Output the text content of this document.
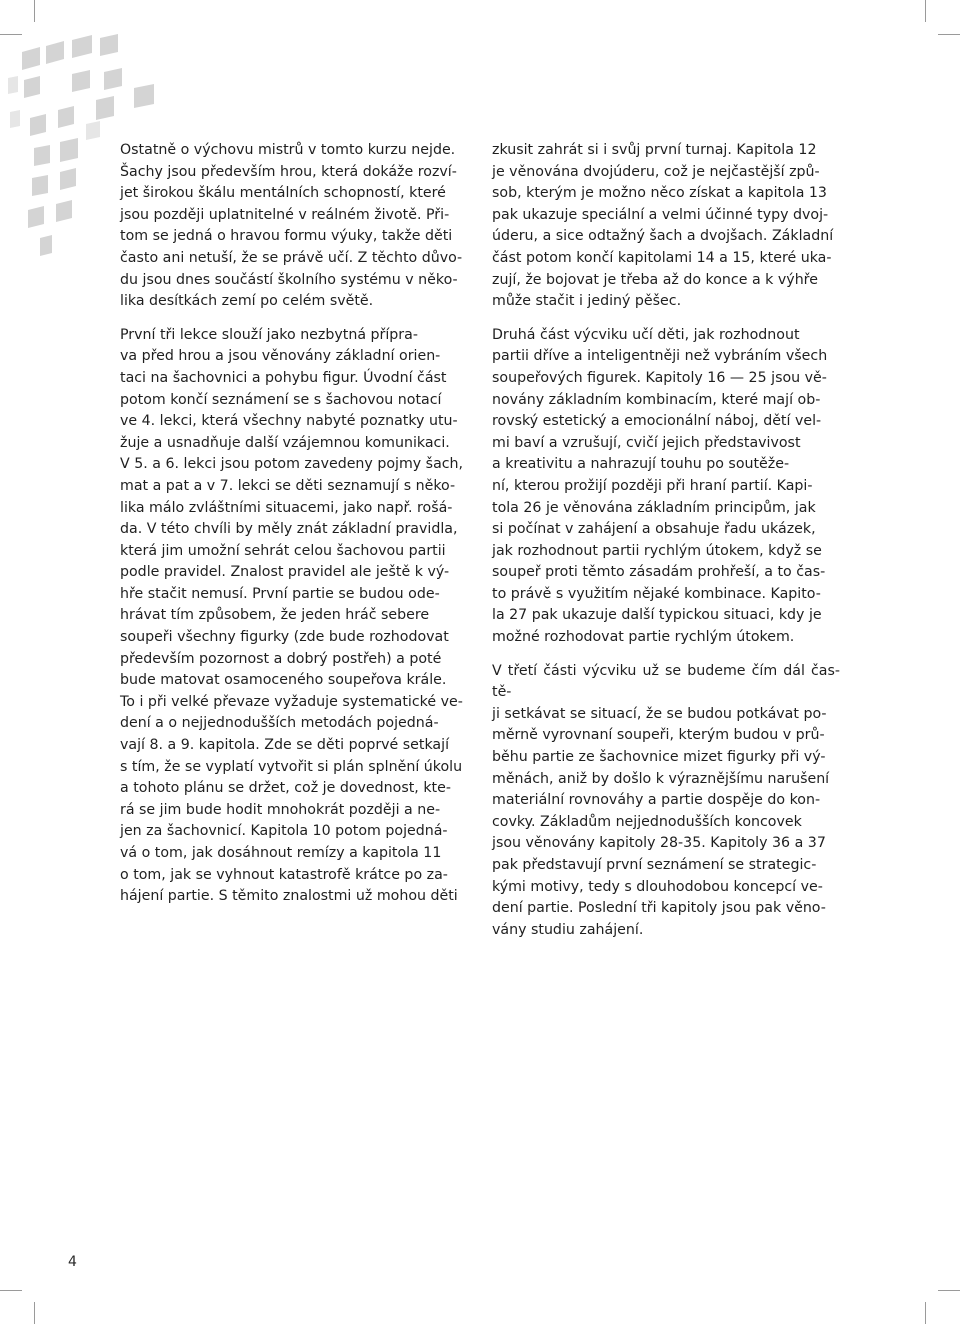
Ostatně o výchovu mistrů v tomto kurzu nejde.
Šachy jsou především hrou, která dokáže rozví-
jet širokou škálu mentálních schopností, které
jsou později uplatnitelné v reálném životě. Při-
tom se jedná o hravou formu výuky, takže děti
často ani netuší, že se právě učí. Z těchto důvo-
du jsou dnes součástí školního systému v něko-
lika desítkách zemí po celém světě.

První tři lekce slouží jako nezbytná přípra-
va před hrou a jsou věnovány základní orien-
taci na šachovnici a pohybu figur. Úvodní část
potom končí seznámení se s šachovou notací
ve 4. lekci, která všechny nabyté poznatky utu-
žuje a usnadňuje další vzájemnou komunikaci.
V 5. a 6. lekci jsou potom zavedeny pojmy šach,
mat a pat a v 7. lekci se děti seznamují s něko-
lika málo zvláštními situacemi, jako např. rošá-
da. V této chvíli by měly znát základní pravidla,
která jim umožní sehrát celou šachovou partii
podle pravidel. Znalost pravidel ale ještě k vý-
hře stačit nemusí. První partie se budou ode-
hrávat tím způsobem, že jeden hráč sebere
soupeři všechny figurky (zde bude rozhodovat
především pozornost a dobrý postřeh) a poté
bude matovat osamoceného soupeřova krále.
To i při velké převaze vyžaduje systematické ve-
dení a o nejjednodušších metodách pojedná-
vají 8. a 9. kapitola. Zde se děti poprvé setkají
s tím, že se vyplatí vytvořit si plán splnění úkolu
a tohoto plánu se držet, což je dovednost, kte-
rá se jim bude hodit mnohokrát později a ne-
jen za šachovnicí. Kapitola 10 potom pojedná-
vá o tom, jak dosáhnout remízy a kapitola 11
o tom, jak se vyhnout katastrofě krátce po za-
hájení partie. S těmito znalostmi už mohou děti

zkusit zahrát si i svůj první turnaj. Kapitola 12
je věnována dvojúderu, což je nejčastější způ-
sob, kterým je možno něco získat a kapitola 13
pak ukazuje speciální a velmi účinné typy dvoj-
úderu, a sice odtažný šach a dvojšach. Základní
část potom končí kapitolami 14 a 15, které uka-
zují, že bojovat je třeba až do konce a k výhře
může stačit i jediný pěšec.

Druhá část výcviku učí děti, jak rozhodnout
partii dříve a inteligentněji než vybráním všech
soupeřových figurek. Kapitoly 16 — 25 jsou vě-
novány základním kombinacím, které mají ob-
rovský estetický a emocionální náboj, dětí vel-
mi baví a vzrušují, cvičí jejich představivost
a kreativitu a nahrazují touhu po soutěže-
ní, kterou prožijí později při hraní partií. Kapi-
tola 26 je věnována základním principům, jak
si počínat v zahájení a obsahuje řadu ukázek,
jak rozhodnout partii rychlým útokem, když se
soupeř proti těmto zásadám prohřeší, a to čas-
to právě s využitím nějaké kombinace. Kapito-
la 27 pak ukazuje další typickou situaci, kdy je
možné rozhodovat partie rychlým útokem.

V třetí části výcviku už se budeme čím dál častě-
ji setkávat se situací, že se budou potkávat po-
měrně vyrovnaní soupeři, kterým budou v prů-
běhu partie ze šachovnice mizet figurky při vý-
měnách, aniž by došlo k výraznějšímu narušení
materiální rovnováhy a partie dospěje do kon-
covky. Základům nejjednodušších koncovek
jsou věnovány kapitoly 28-35. Kapitoly 36 a 37
pak představují první seznámení se strategic-
kými motivy, tedy s dlouhodobou koncepcí ve-
dení partie. Poslední tři kapitoly jsou pak věno-
vány studiu zahájení.

4
